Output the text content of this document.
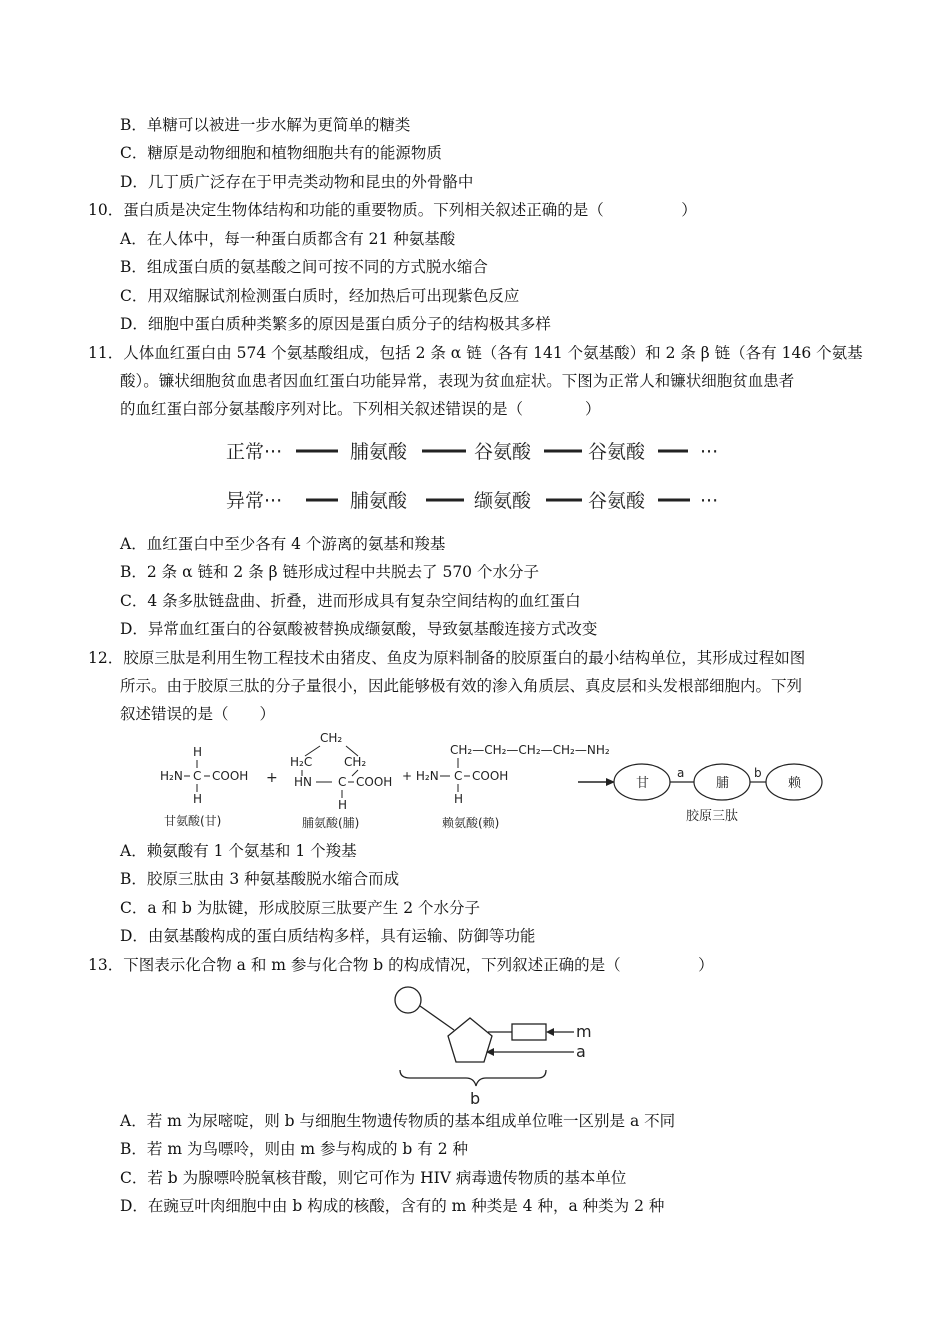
B．单糖可以被进一步水解为更简单的糖类
C．糖原是动物细胞和植物细胞共有的能源物质
D．几丁质广泛存在于甲壳类动物和昆虫的外骨骼中
10．蛋白质是决定生物体结构和功能的重要物质。下列相关叙述正确的是（　　　　　）
A．在人体中，每一种蛋白质都含有 21 种氨基酸
B．组成蛋白质的氨基酸之间可按不同的方式脱水缩合
C．用双缩脲试剂检测蛋白质时，经加热后可出现紫色反应
D．细胞中蛋白质种类繁多的原因是蛋白质分子的结构极其多样
11．人体血红蛋白由 574 个氨基酸组成，包括 2 条 α 链（各有 141 个氨基酸）和 2 条 β 链（各有 146 个氨基
酸）。镰状细胞贫血患者因血红蛋白功能异常，表现为贫血症状。下图为正常人和镰状细胞贫血患者
的血红蛋白部分氨基酸序列对比。下列相关叙述错误的是（　　　　）
正常···	脯氨酸	谷氨酸	谷氨酸	···
异常···	脯氨酸	缬氨酸	谷氨酸	···
A．血红蛋白中至少各有 4 个游离的氨基和羧基
B．2 条 α 链和 2 条 β 链形成过程中共脱去了 570 个水分子
C．4 条多肽链盘曲、折叠，进而形成具有复杂空间结构的血红蛋白
D．异常血红蛋白的谷氨酸被替换成缬氨酸，导致氨基酸连接方式改变
12．胶原三肽是利用生物工程技术由猪皮、鱼皮为原料制备的胶原蛋白的最小结构单位，其形成过程如图
所示。由于胶原三肽的分子量很小，因此能够极有效的渗入角质层、真皮层和头发根部细胞内。下列
叙述错误的是（　　）
H
H₂N C COOH
H
甘氨酸(甘)
+
CH₂
H₂C	CH₂
HN C COOH
H
脯氨酸(脯)
CH₂—CH₂—CH₂—CH₂—NH₂
+ H₂N C COOH
H
赖氨酸(赖)
甘
a
脯
b
赖
胶原三肽
A．赖氨酸有 1 个氨基和 1 个羧基
B．胶原三肽由 3 种氨基酸脱水缩合而成
C．a 和 b 为肽键，形成胶原三肽要产生 2 个水分子
D．由氨基酸构成的蛋白质结构多样，具有运输、防御等功能
13．下图表示化合物 a 和 m 参与化合物 b 的构成情况，下列叙述正确的是（　　　　　）
m
a
b
A．若 m 为尿嘧啶，则 b 与细胞生物遗传物质的基本组成单位唯一区别是 a 不同
B．若 m 为鸟嘌呤，则由 m 参与构成的 b 有 2 种
C．若 b 为腺嘌呤脱氧核苷酸，则它可作为 HIV 病毒遗传物质的基本单位
D．在豌豆叶肉细胞中由 b 构成的核酸，含有的 m 种类是 4 种，a 种类为 2 种
